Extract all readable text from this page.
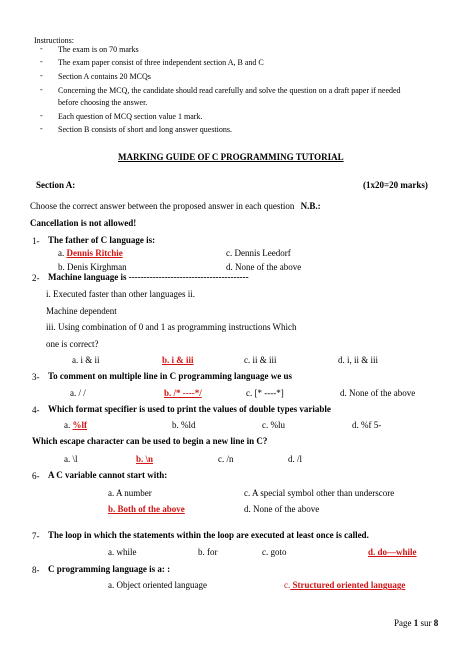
Instructions:
- The exam is on 70 marks
- The exam paper consist of three independent section A, B and C
- Section A contains 20 MCQs
- Concerning the MCQ, the candidate should read carefully and solve the question on a draft paper if needed
before choosing the answer.
- Each question of MCQ section value 1 mark.
- Section B consists of short and long answer questions.
MARKING GUIDE OF C PROGRAMMING TUTORIAL
Section A:	(1x20=20 marks)
Choose the correct answer between the proposed answer in each question N.B.:
Cancellation is not allowed!
1- The father of C language is:
a. Dennis Ritchie	c. Dennis Leedorf
b. Denis Kirghman	d. None of the above
2- Machine language is ----------------------------------------
i. Executed faster than other languages ii.
Machine dependent
iii. Using combination of 0 and 1 as programming instructions Which
one is correct?
a. i & ii	b. i & iii	c. ii & iii	d. i, ii & iii
3- To comment on multiple line in C programming language we us
a. / /	b. /* ----*/	c. [* ----*]	d. None of the above
4- Which format specifier is used to print the values of double types variable
a. %lf	b. %ld	c. %lu	d. %f 5-
Which escape character can be used to begin a new line in C?
a. \l	b. \n	c. /n	d. /l
6- A C variable cannot start with:
a. A number	c. A special symbol other than underscore
b. Both of the above	d. None of the above
7- The loop in which the statements within the loop are executed at least once is called.
a. while	b. for	c. goto	d. do—while
8- C programming language is a: :
a. Object oriented language	c. Structured oriented language
Page 1 sur 8
